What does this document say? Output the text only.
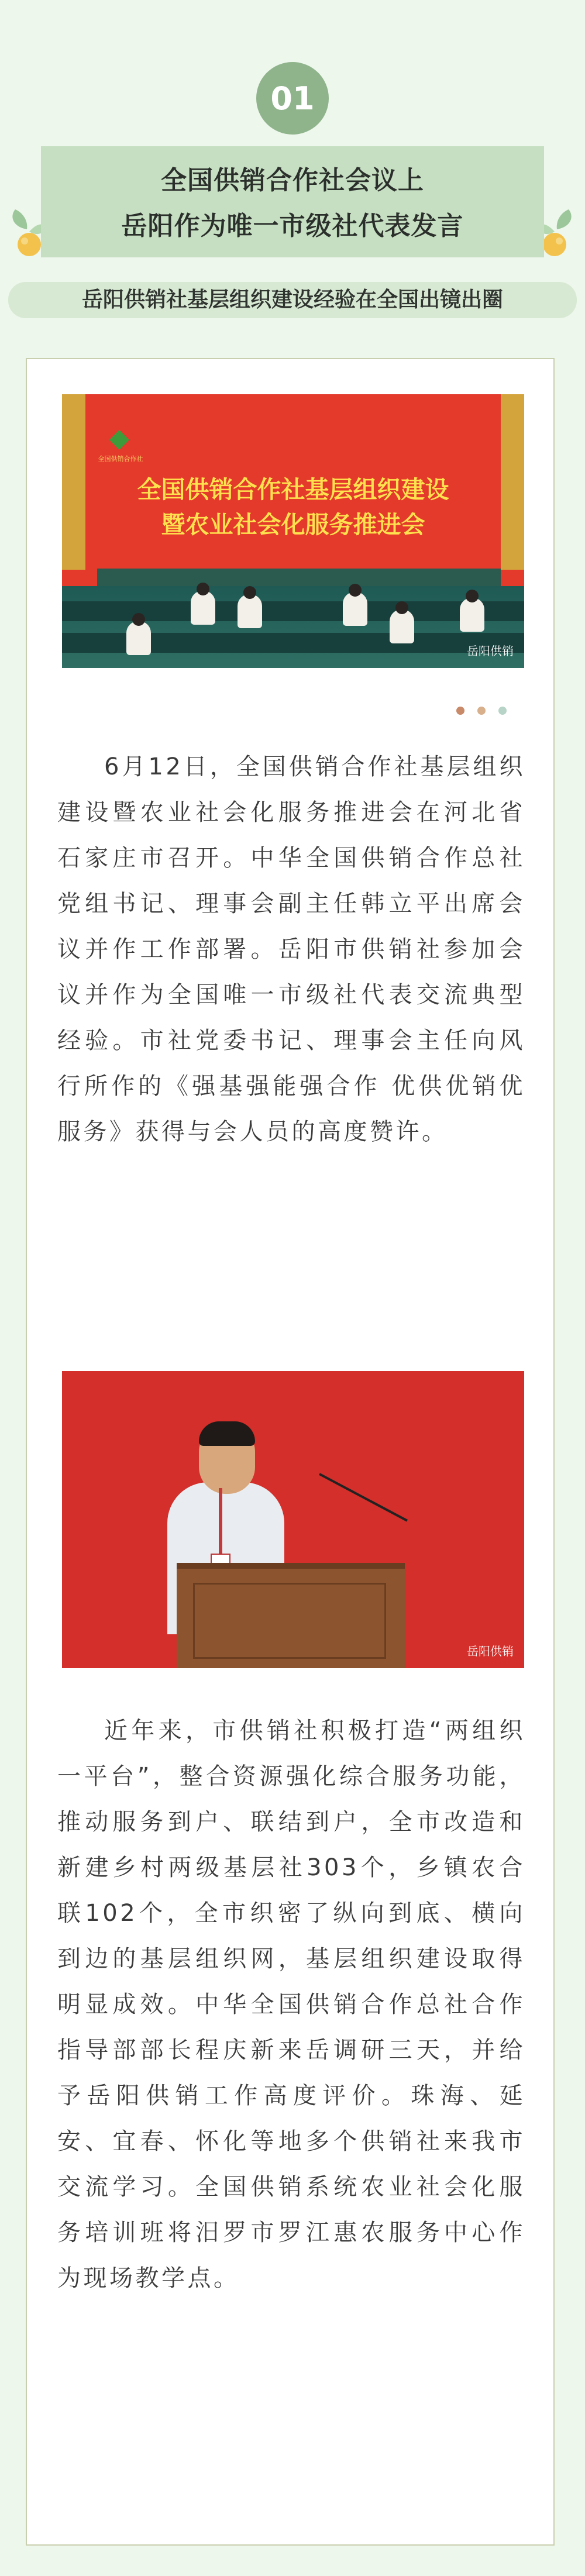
01
全国供销合作社会议上
岳阳作为唯一市级社代表发言
岳阳供销社基层组织建设经验在全国出镜出圈
全国供销合作社
全国供销合作社基层组织建设
暨农业社会化服务推进会
岳阳供销

6月12日，全国供销合作社基层组织建设暨农业社会化服务推进会在河北省石家庄市召开。中华全国供销合作总社党组书记、理事会副主任韩立平出席会议并作工作部署。岳阳市供销社参加会议并作为全国唯一市级社代表交流典型经验。市社党委书记、理事会主任向风行所作的《强基强能强合作 优供优销优服务》获得与会人员的高度赞许。

岳阳供销

近年来，市供销社积极打造“两组织一平台”，整合资源强化综合服务功能，推动服务到户、联结到户，全市改造和新建乡村两级基层社303个，乡镇农合联102个，全市织密了纵向到底、横向到边的基层组织网，基层组织建设取得明显成效。中华全国供销合作总社合作指导部部长程庆新来岳调研三天，并给予岳阳供销工作高度评价。珠海、延安、宜春、怀化等地多个供销社来我市交流学习。全国供销系统农业社会化服务培训班将汨罗市罗江惠农服务中心作为现场教学点。
